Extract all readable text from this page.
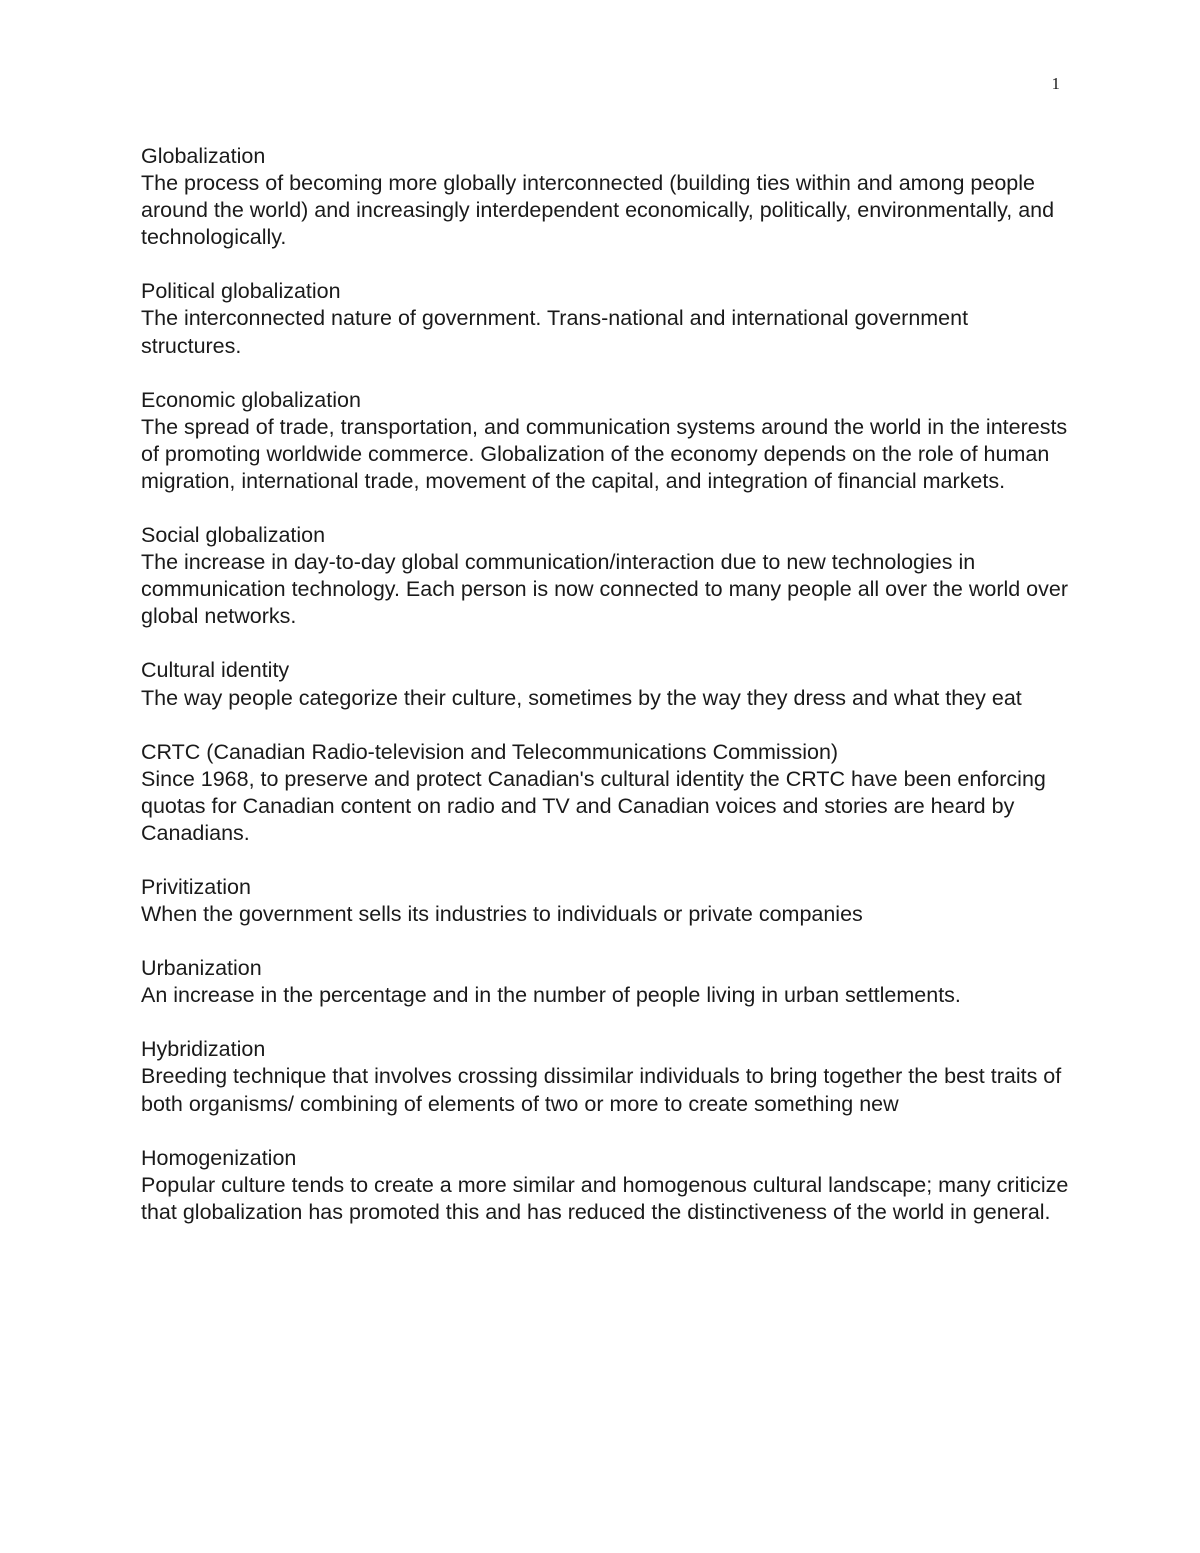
1

Globalization

The process of becoming more globally interconnected (building ties within and among people around the world) and increasingly interdependent economically, politically, environmentally, and technologically.

Political globalization

The interconnected nature of government. Trans-national and international government structures.

Economic globalization

The spread of trade, transportation, and communication systems around the world in the interests of promoting worldwide commerce. Globalization of the economy depends on the role of human migration, international trade, movement of the capital, and integration of financial markets.

Social globalization

The increase in day-to-day global communication/interaction due to new technologies in communication technology. Each person is now connected to many people all over the world over global networks.

Cultural identity

The way people categorize their culture, sometimes by the way they dress and what they eat

CRTC (Canadian Radio-television and Telecommunications Commission)

Since 1968, to preserve and protect Canadian's cultural identity the CRTC have been enforcing quotas for Canadian content on radio and TV and Canadian voices and stories are heard by Canadians.

Privitization

When the government sells its industries to individuals or private companies

Urbanization

An increase in the percentage and in the number of people living in urban settlements.

Hybridization

Breeding technique that involves crossing dissimilar individuals to bring together the best traits of both organisms/ combining of elements of two or more to create something new

Homogenization

Popular culture tends to create a more similar and homogenous cultural landscape; many criticize that globalization has promoted this and has reduced the distinctiveness of the world in general.
